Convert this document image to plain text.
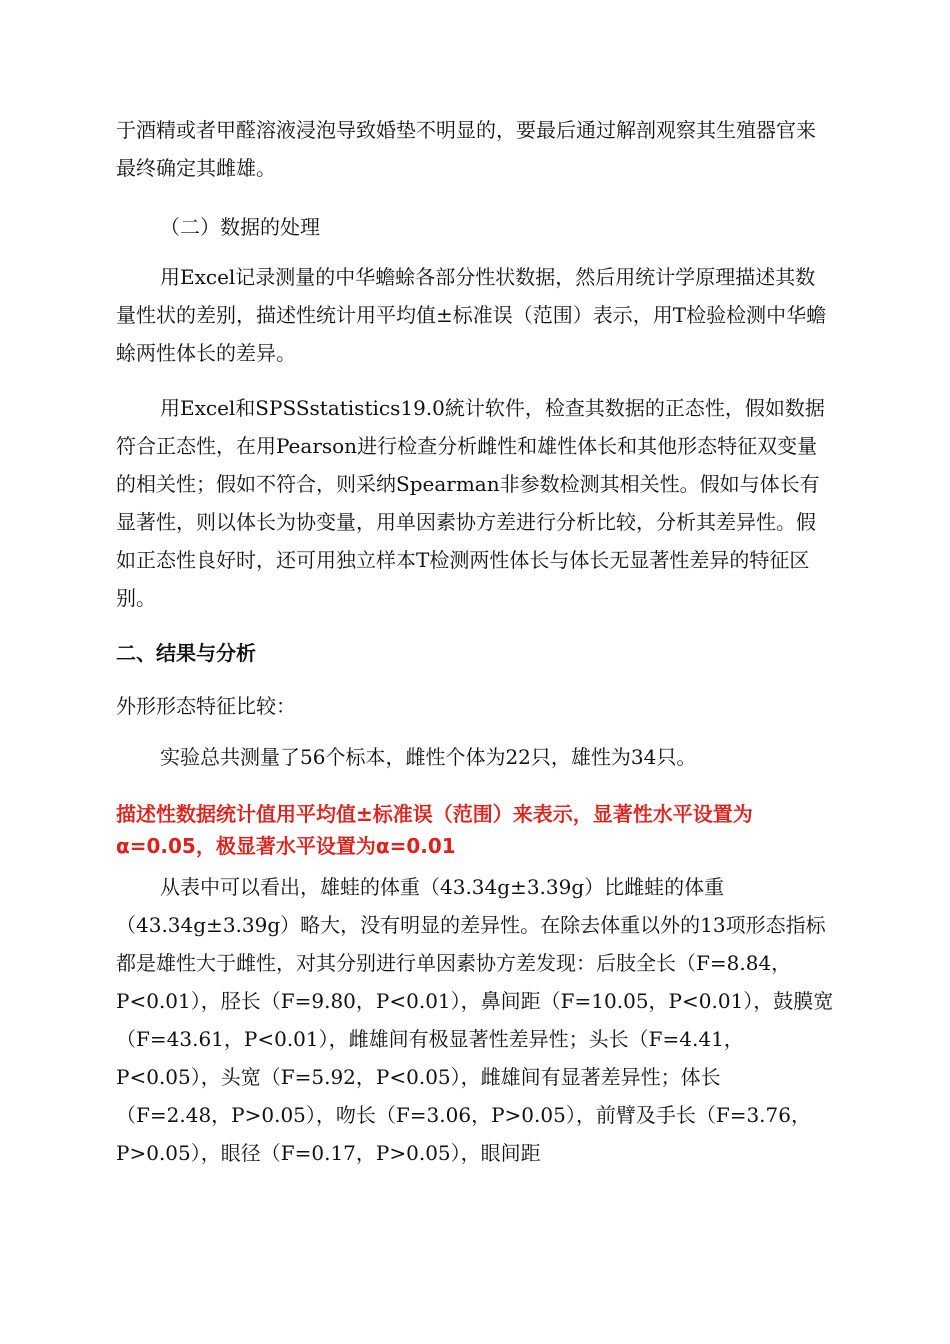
于酒精或者甲醛溶液浸泡导致婚垫不明显的，要最后通过解剖观察其生殖器官来最终确定其雌雄。
（二）数据的处理
用Excel记录测量的中华蟾蜍各部分性状数据，然后用统计学原理描述其数量性状的差别，描述性统计用平均值±标准误（范围）表示，用T检验检测中华蟾蜍两性体长的差异。
用Excel和SPSSstatistics19.0統计软件，检查其数据的正态性，假如数据符合正态性，在用Pearson进行检查分析雌性和雄性体长和其他形态特征双变量的相关性；假如不符合，则采纳Spearman非参数检测其相关性。假如与体长有显著性，则以体长为协变量，用单因素协方差进行分析比较，分析其差异性。假如正态性良好时，还可用独立样本T检测两性体长与体长无显著性差异的特征区别。
二、结果与分析
外形形态特征比较：
实验总共测量了56个标本，雌性个体为22只，雄性为34只。
描述性数据统计值用平均值±标准误（范围）来表示，显著性水平设置为α=0.05，极显著水平设置为α=0.01
从表中可以看出，雄蛙的体重（43.34g±3.39g）比雌蛙的体重（43.34g±3.39g）略大，没有明显的差异性。在除去体重以外的13项形态指标都是雄性大于雌性，对其分别进行单因素协方差发现：后肢全长（F=8.84，P<0.01），胫长（F=9.80，P<0.01），鼻间距（F=10.05，P<0.01），鼓膜宽（F=43.61，P<0.01），雌雄间有极显著性差异性；头长（F=4.41，P<0.05），头宽（F=5.92，P<0.05），雌雄间有显著差异性；体长（F=2.48，P>0.05），吻长（F=3.06，P>0.05），前臂及手长（F=3.76，P>0.05），眼径（F=0.17，P>0.05），眼间距
